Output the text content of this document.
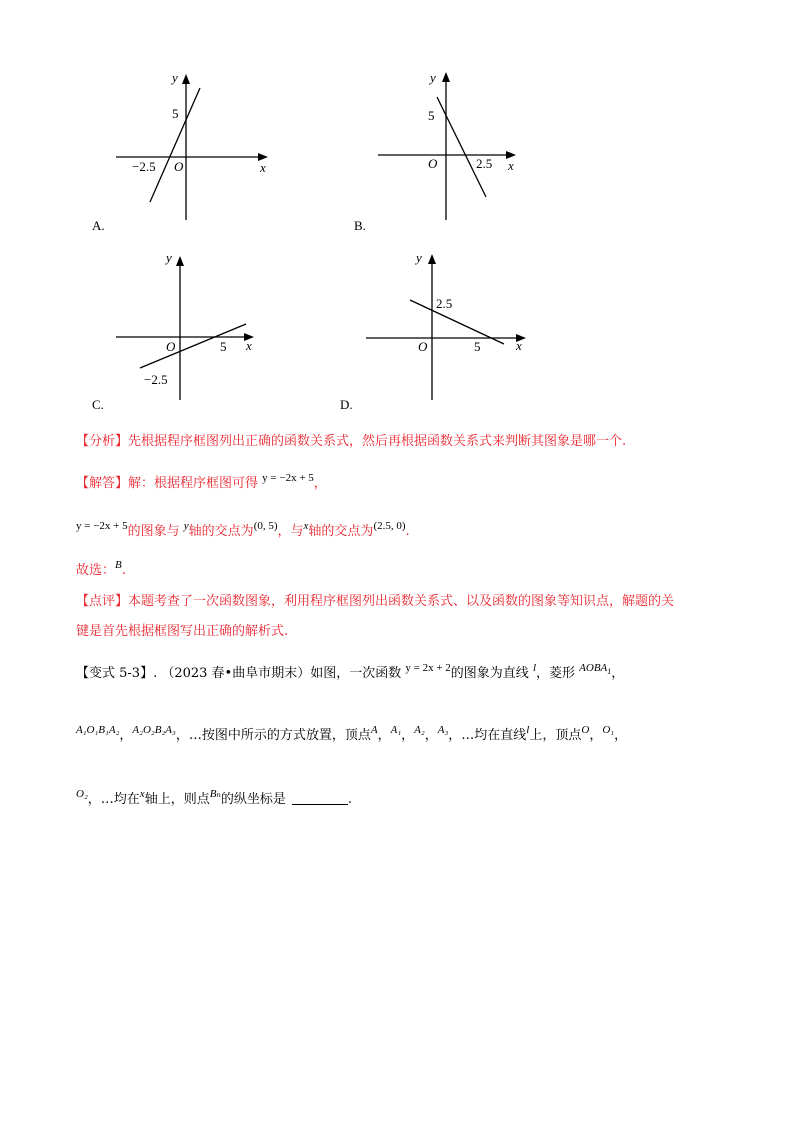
y
x
O
5
−2.5
A.
y
x
O
5
2.5
B.
y
x
O
−2.5
5
C.
y
x
O
2.5
5
D.
【分析】先根据程序框图列出正确的函数关系式，然后再根据函数关系式来判断其图象是哪一个.
【解答】解：根据程序框图可得 $^{y = -2x + 5}$，
$^{y = -2x + 5}$的图象与 $^y$轴的交点为$^{(0, 5)}$，与$^x$轴的交点为$^{(2.5, 0)}$.
故选：$^B$.
【点评】本题考查了一次函数图象，利用程序框图列出函数关系式、以及函数的图象等知识点，解题的关
键是首先根据框图写出正确的解析式.
【变式 5-3】. （2023 春•曲阜市期末）如图，一次函数 $^{y = 2x + 2}$的图象为直线 $^l$，菱形 $^{AOBA_1}$，
$^{A_1O_1B_1A_2}$，$^{A_2O_2B_2A_3}$，…按图中所示的方式放置，顶点$^A$，$^{A_1}$，$^{A_2}$，$^{A_3}$，…均在直线$^l$上，顶点$^O$，$^{O_1}$，
$^{O_2}$，…均在$^x$轴上，则点$^{B_n}$的纵坐标是	.
